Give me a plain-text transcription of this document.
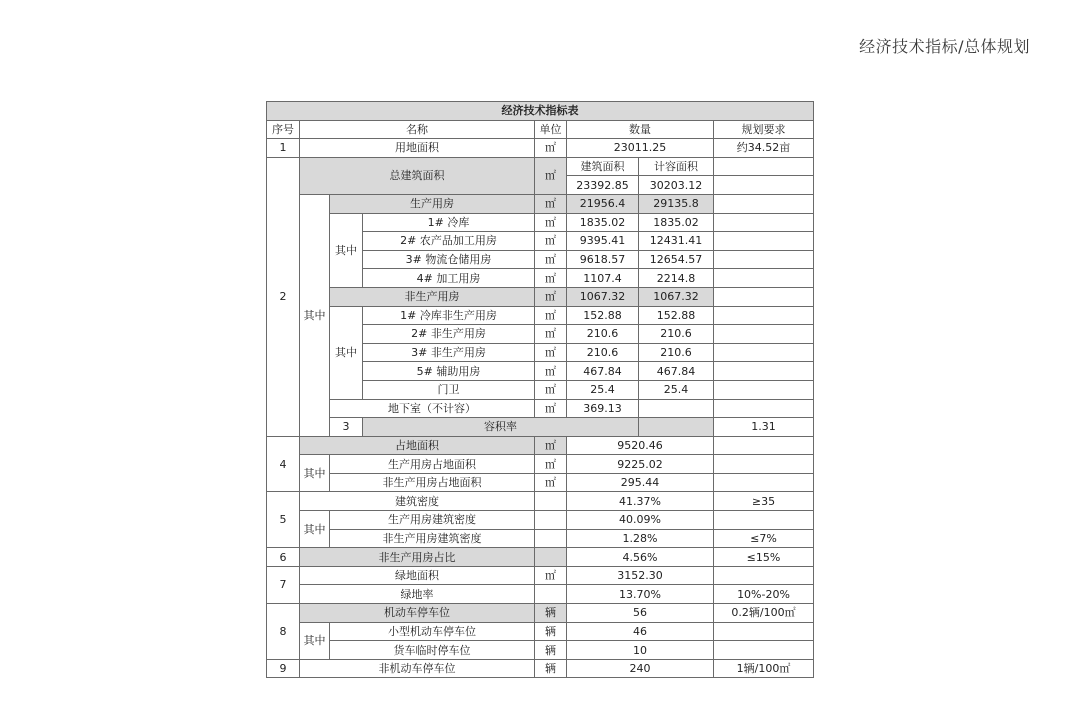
经济技术指标/总体规划
经济技术指标表								
序号	名称			单位	数量		规划要求	
1	用地面积			㎡	23011.25		约34.52亩	
2	总建筑面积			㎡	建筑面积	计容面积		
					23392.85	30203.12		
	其中	生产用房		㎡	21956.4	29135.8		
		其中	1# 冷库	㎡	1835.02	1835.02		
			2# 农产品加工用房	㎡	9395.41	12431.41		
			3# 物流仓储用房	㎡	9618.57	12654.57		
			4# 加工用房	㎡	1107.4	2214.8		
		非生产用房		㎡	1067.32	1067.32		
		其中	1# 冷库非生产用房	㎡	152.88	152.88		
			2# 非生产用房	㎡	210.6	210.6		
			3# 非生产用房	㎡	210.6	210.6		
			5# 辅助用房	㎡	467.84	467.84		
			门卫	㎡	25.4	25.4		
		地下室（不计容）		㎡	369.13			
		3	容积率				1.31	
4	占地面积			㎡	9520.46			
	其中	生产用房占地面积		㎡	9225.02			
		非生产用房占地面积		㎡	295.44			
5	建筑密度				41.37%		≥35	
	其中	生产用房建筑密度			40.09%			
		非生产用房建筑密度			1.28%		≤7%	
6	非生产用房占比				4.56%		≤15%	
7	绿地面积			㎡	3152.30			
	绿地率				13.70%		10%-20%	
8	机动车停车位			辆	56		0.2辆/100㎡	
	其中	小型机动车停车位		辆	46			
		货车临时停车位		辆	10			
9	非机动车停车位			辆	240		1辆/100㎡	
